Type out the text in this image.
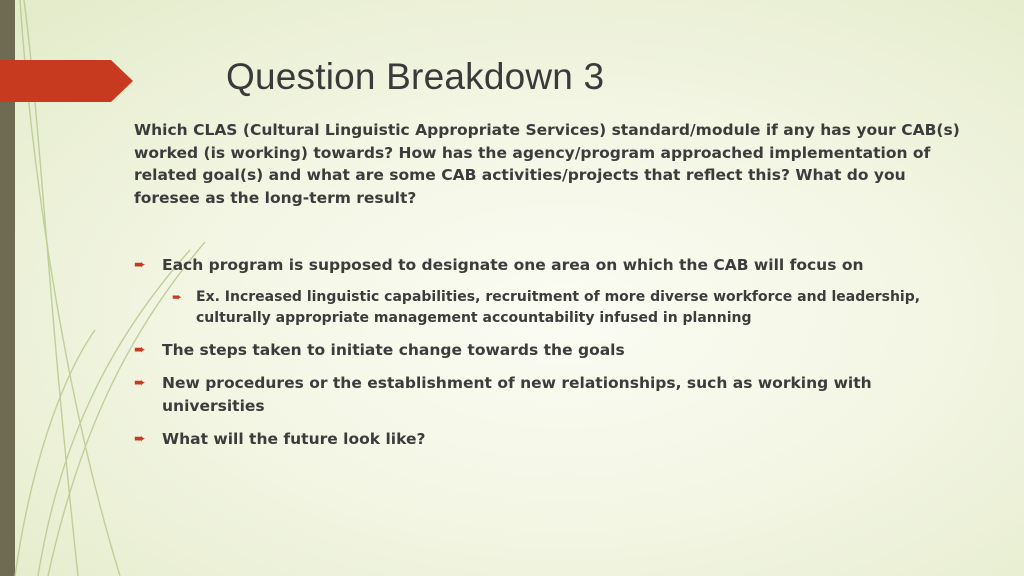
Question Breakdown 3

Which CLAS (Cultural Linguistic Appropriate Services) standard/module if any has your CAB(s) worked (is working) towards? How has the agency/program approached implementation of related goal(s) and what are some CAB activities/projects that reflect this? What do you foresee as the long-term result?

➨ Each program is supposed to designate one area on which the CAB will focus on
➨ Ex. Increased linguistic capabilities, recruitment of more diverse workforce and leadership, culturally appropriate management accountability infused in planning
➨ The steps taken to initiate change towards the goals
➨ New procedures or the establishment of new relationships, such as working with universities
➨ What will the future look like?
